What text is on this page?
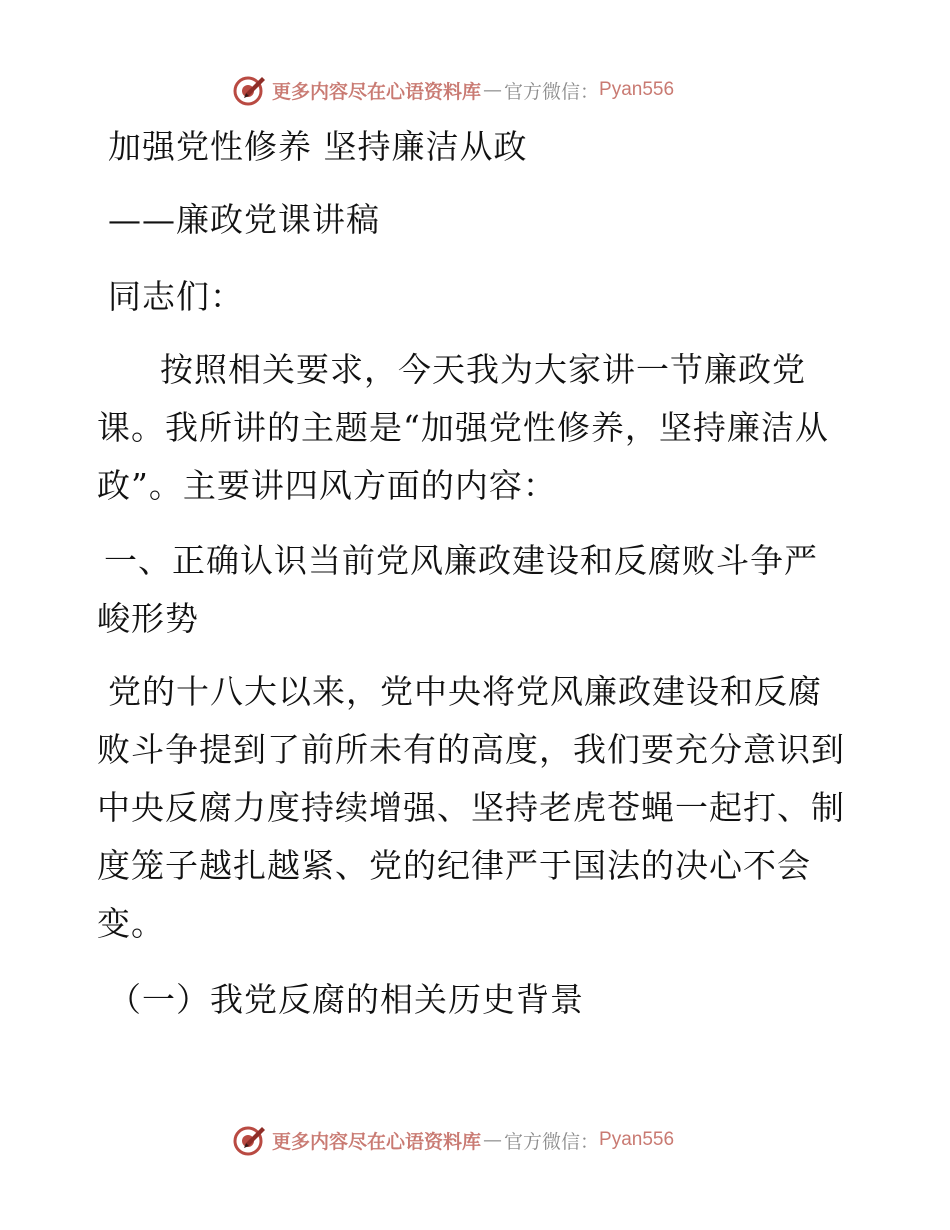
更多内容尽在心语资料库 — 官方微信： Pyan556
加强党性修养 坚持廉洁从政
——廉政党课讲稿
同志们：
按照相关要求，今天我为大家讲一节廉政党
课。我所讲的主题是“加强党性修养，坚持廉洁从
政”。主要讲四风方面的内容：
一、正确认识当前党风廉政建设和反腐败斗争严
峻形势
党的十八大以来，党中央将党风廉政建设和反腐
败斗争提到了前所未有的高度，我们要充分意识到
中央反腐力度持续增强、坚持老虎苍蝇一起打、制
度笼子越扎越紧、党的纪律严于国法的决心不会
变。
（一）我党反腐的相关历史背景
更多内容尽在心语资料库 — 官方微信： Pyan556
